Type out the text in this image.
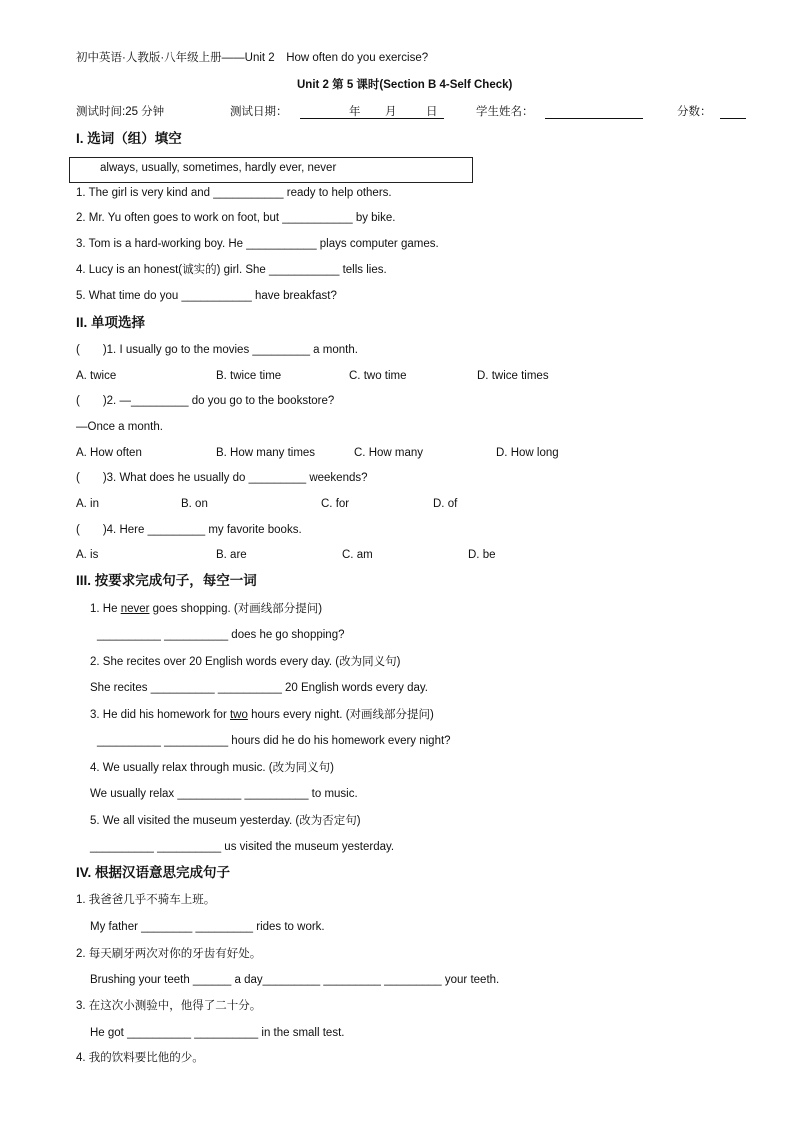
初中英语·人教版·八年级上册——Unit 2　How often do you exercise?
Unit 2 第 5 课时(Section B 4-Self Check)
测试时间:25 分钟	测试日期：	年 月	日	学生姓名：	分数：
I. 选词（组）填空
always, usually, sometimes, hardly ever, never
1. The girl is very kind and ___________ ready to help others.
2. Mr. Yu often goes to work on foot, but ___________ by bike.
3. Tom is a hard-working boy. He ___________ plays computer games.
4. Lucy is an honest(诚实的) girl. She ___________ tells lies.
5. What time do you ___________ have breakfast?
II. 单项选择
(　　)1. I usually go to the movies _________ a month.
A. twice	B. twice time	C. two time	D. twice times
(　　)2. —_________ do you go to the bookstore?
—Once a month.
A. How often	B. How many times	C. How many	D. How long
(　　)3. What does he usually do _________ weekends?
A. in	B. on	C. for	D. of
(　　)4. Here _________ my favorite books.
A. is	B. are	C. am	D. be
III. 按要求完成句子，每空一词
1. He never goes shopping. (对画线部分提问)
__________ __________ does he go shopping?
2. She recites over 20 English words every day. (改为同义句)
She recites __________ __________ 20 English words every day.
3. He did his homework for two hours every night. (对画线部分提问)
__________ __________ hours did he do his homework every night?
4. We usually relax through music. (改为同义句)
We usually relax __________ __________ to music.
5. We all visited the museum yesterday. (改为否定句)
__________ __________ us visited the museum yesterday.
IV. 根据汉语意思完成句子
1. 我爸爸几乎不骑车上班。
My father ________ _________ rides to work.
2. 每天刷牙两次对你的牙齿有好处。
Brushing your teeth ______ a day_________ _________ _________ your teeth.
3. 在这次小测验中，他得了二十分。
He got __________ __________ in the small test.
4. 我的饮料要比他的少。
